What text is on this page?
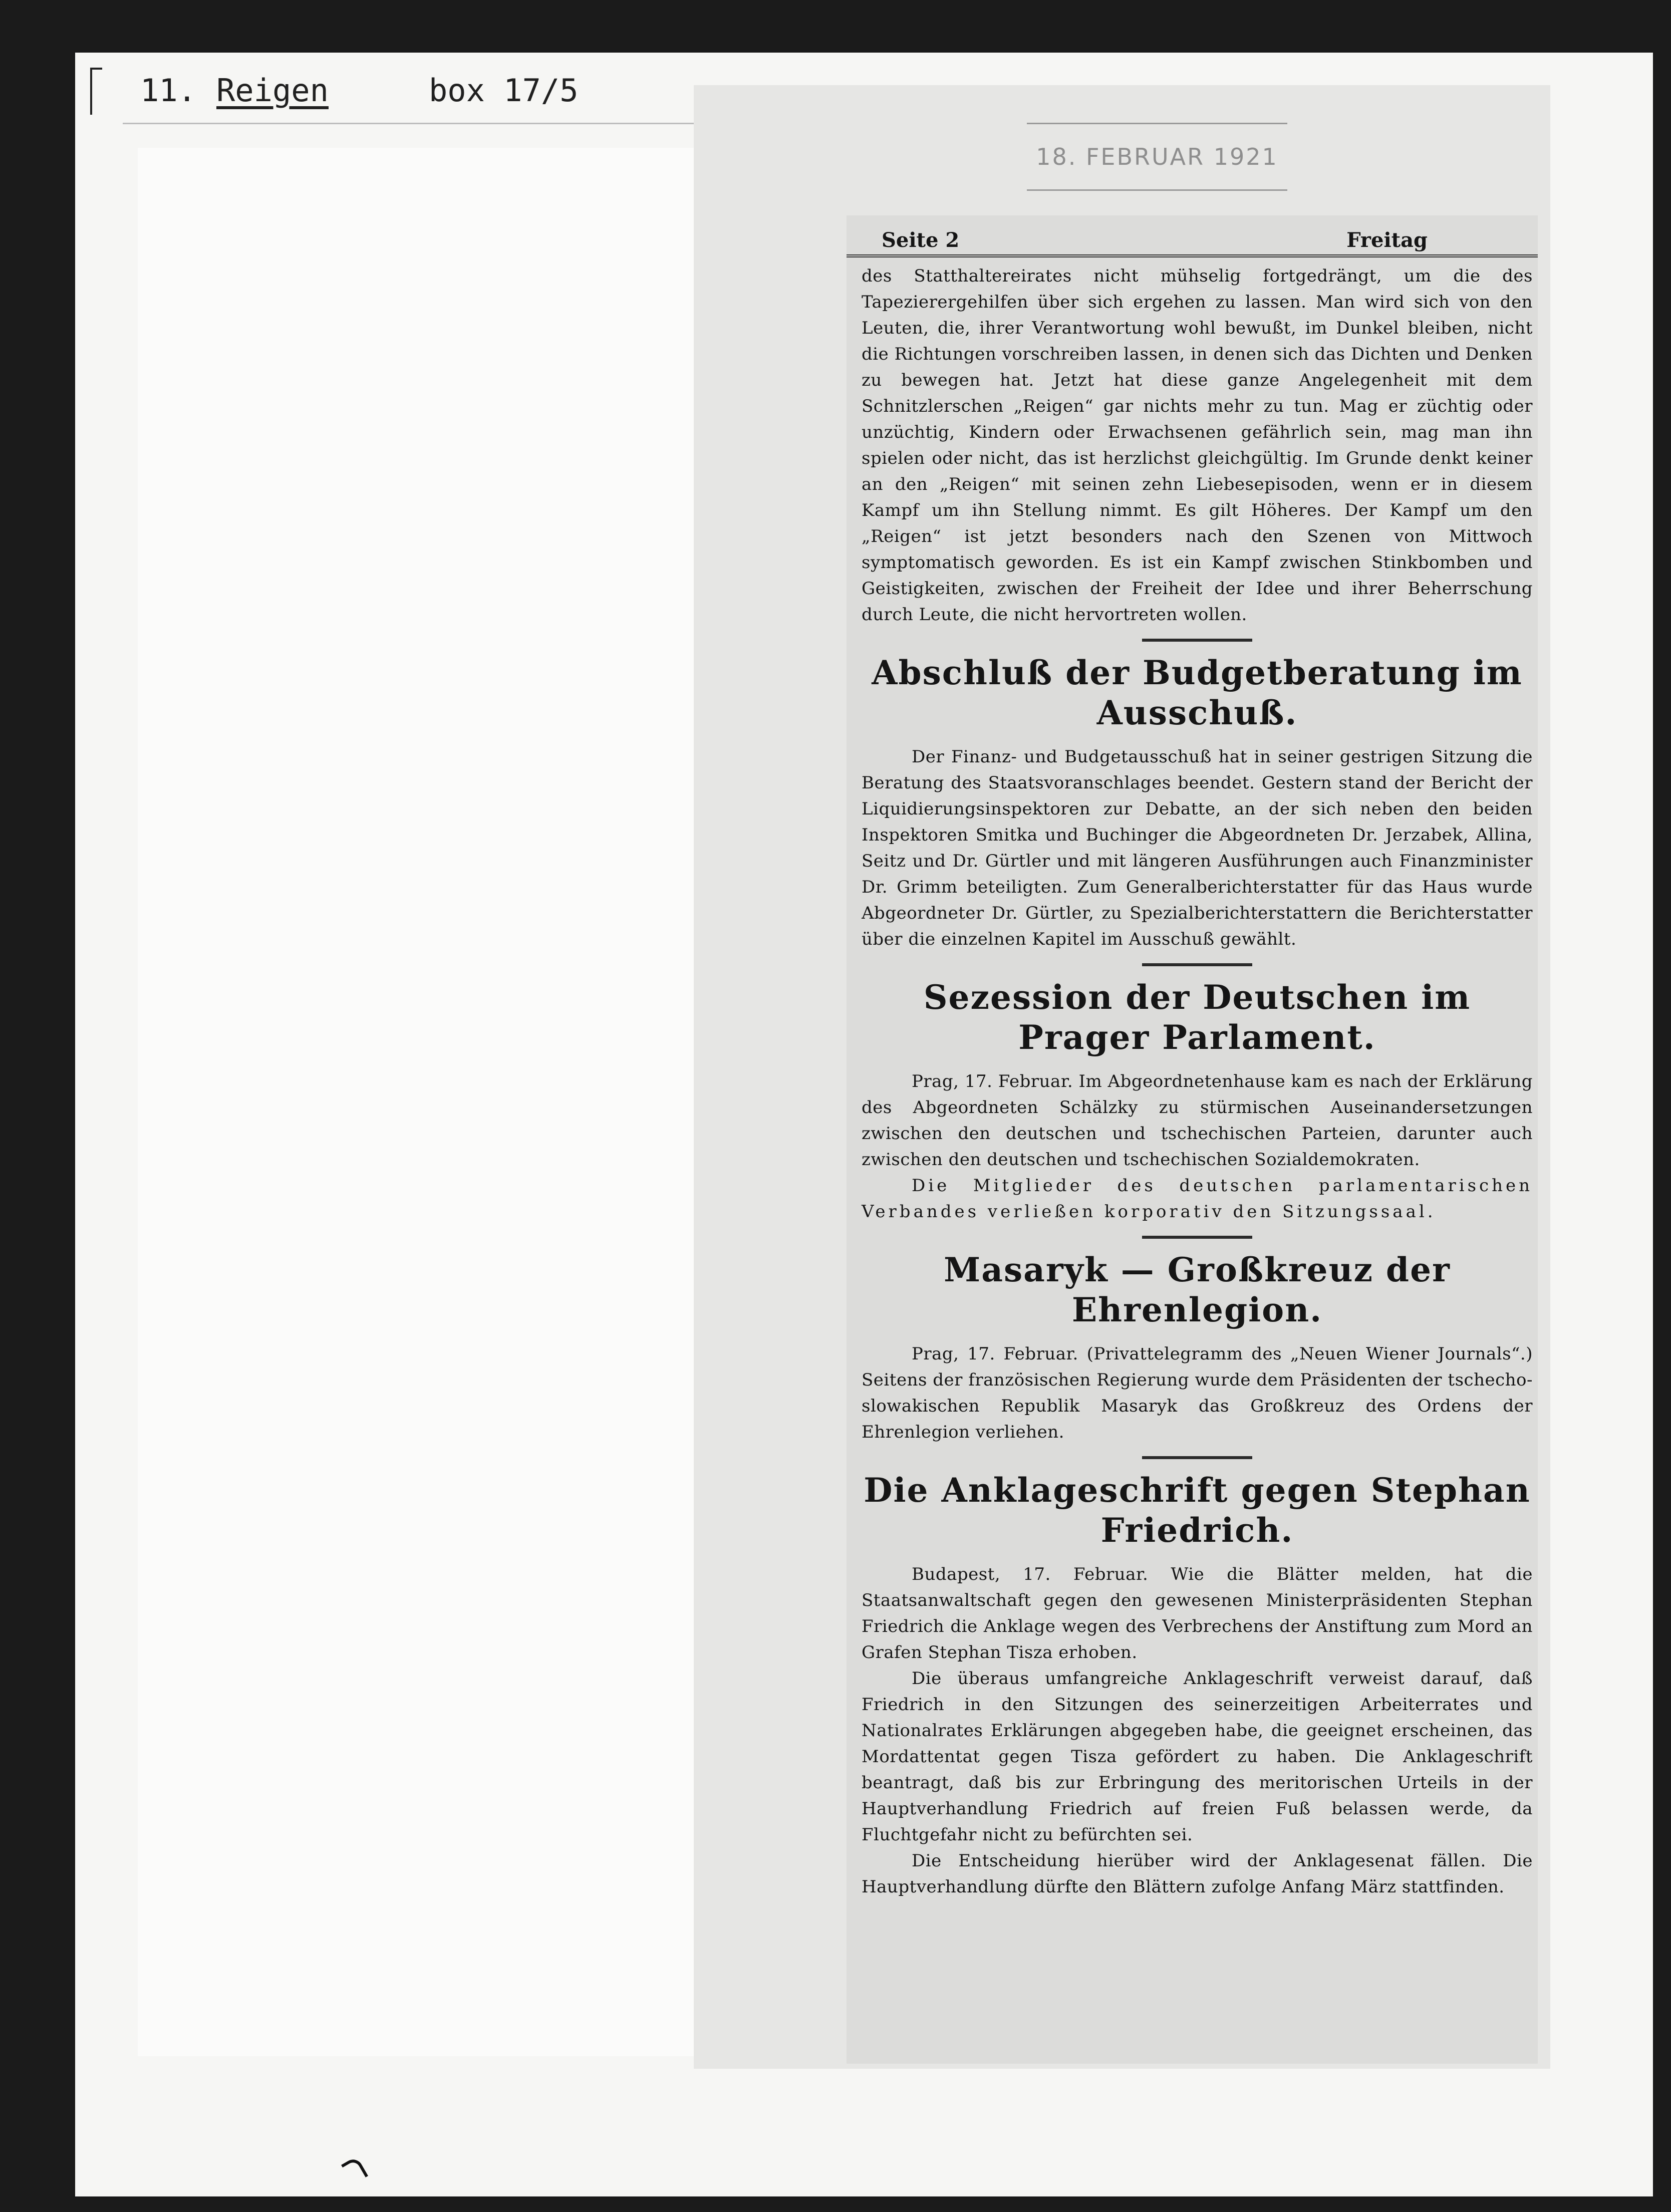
11. Reigen	box 17/5
18. FEBRUAR 1921
Seite 2	Freitag

des Statthaltereirates nicht mühselig fortgedrängt, um die des Tapezierergehilfen über sich ergehen zu lassen. Man wird sich von den Leuten, die, ihrer Verantwortung wohl bewußt, im Dunkel bleiben, nicht die Richtungen vorschreiben lassen, in denen sich das Dichten und Denken zu bewegen hat. Jetzt hat diese ganze Angelegenheit mit dem Schnitzlerschen „Reigen“ gar nichts mehr zu tun. Mag er züchtig oder unzüchtig, Kindern oder Erwachsenen gefährlich sein, mag man ihn spielen oder nicht, das ist herzlichst gleichgültig. Im Grunde denkt keiner an den „Reigen“ mit seinen zehn Liebesepisoden, wenn er in diesem Kampf um ihn Stellung nimmt. Es gilt Höheres. Der Kampf um den „Reigen“ ist jetzt besonders nach den Szenen von Mittwoch symptomatisch geworden. Es ist ein Kampf zwischen Stinkbomben und Geistigkeiten, zwischen der Freiheit der Idee und ihrer Beherrschung durch Leute, die nicht hervortreten wollen.

Abschluß der Budgetberatung im Ausschuß.

Der Finanz- und Budgetausschuß hat in seiner gestrigen Sitzung die Beratung des Staatsvoranschlages beendet. Gestern stand der Bericht der Liquidierungsinspektoren zur Debatte, an der sich neben den beiden Inspektoren Smitka und Buchinger die Abgeordneten Dr. Jerzabek, Allina, Seitz und Dr. Gürtler und mit längeren Ausführungen auch Finanzminister Dr. Grimm beteiligten. Zum Generalberichterstatter für das Haus wurde Abgeordneter Dr. Gürtler, zu Spezialberichterstattern die Berichterstatter über die einzelnen Kapitel im Ausschuß gewählt.

Sezession der Deutschen im Prager Parlament.

Prag, 17. Februar. Im Abgeordnetenhause kam es nach der Erklärung des Abgeordneten Schälzky zu stürmischen Auseinandersetzungen zwischen den deutschen und tschechischen Parteien, darunter auch zwischen den deutschen und tschechischen Sozialdemokraten.

Die Mitglieder des deutschen parlamentarischen Verbandes verließen korporativ den Sitzungssaal.

Masaryk — Großkreuz der Ehrenlegion.

Prag, 17. Februar. (Privattelegramm des „Neuen Wiener Journals“.) Seitens der französischen Regierung wurde dem Präsidenten der tschecho-slowakischen Republik Masaryk das Großkreuz des Ordens der Ehrenlegion verliehen.

Die Anklageschrift gegen Stephan Friedrich.

Budapest, 17. Februar. Wie die Blätter melden, hat die Staatsanwaltschaft gegen den gewesenen Ministerpräsidenten Stephan Friedrich die Anklage wegen des Verbrechens der Anstiftung zum Mord an Grafen Stephan Tisza erhoben.

Die überaus umfangreiche Anklageschrift verweist darauf, daß Friedrich in den Sitzungen des seinerzeitigen Arbeiterrates und Nationalrates Erklärungen abgegeben habe, die geeignet erscheinen, das Mordattentat gegen Tisza gefördert zu haben. Die Anklageschrift beantragt, daß bis zur Erbringung des meritorischen Urteils in der Hauptverhandlung Friedrich auf freien Fuß belassen werde, da Fluchtgefahr nicht zu befürchten sei.

Die Entscheidung hierüber wird der Anklagesenat fällen. Die Hauptverhandlung dürfte den Blättern zufolge Anfang März stattfinden.
